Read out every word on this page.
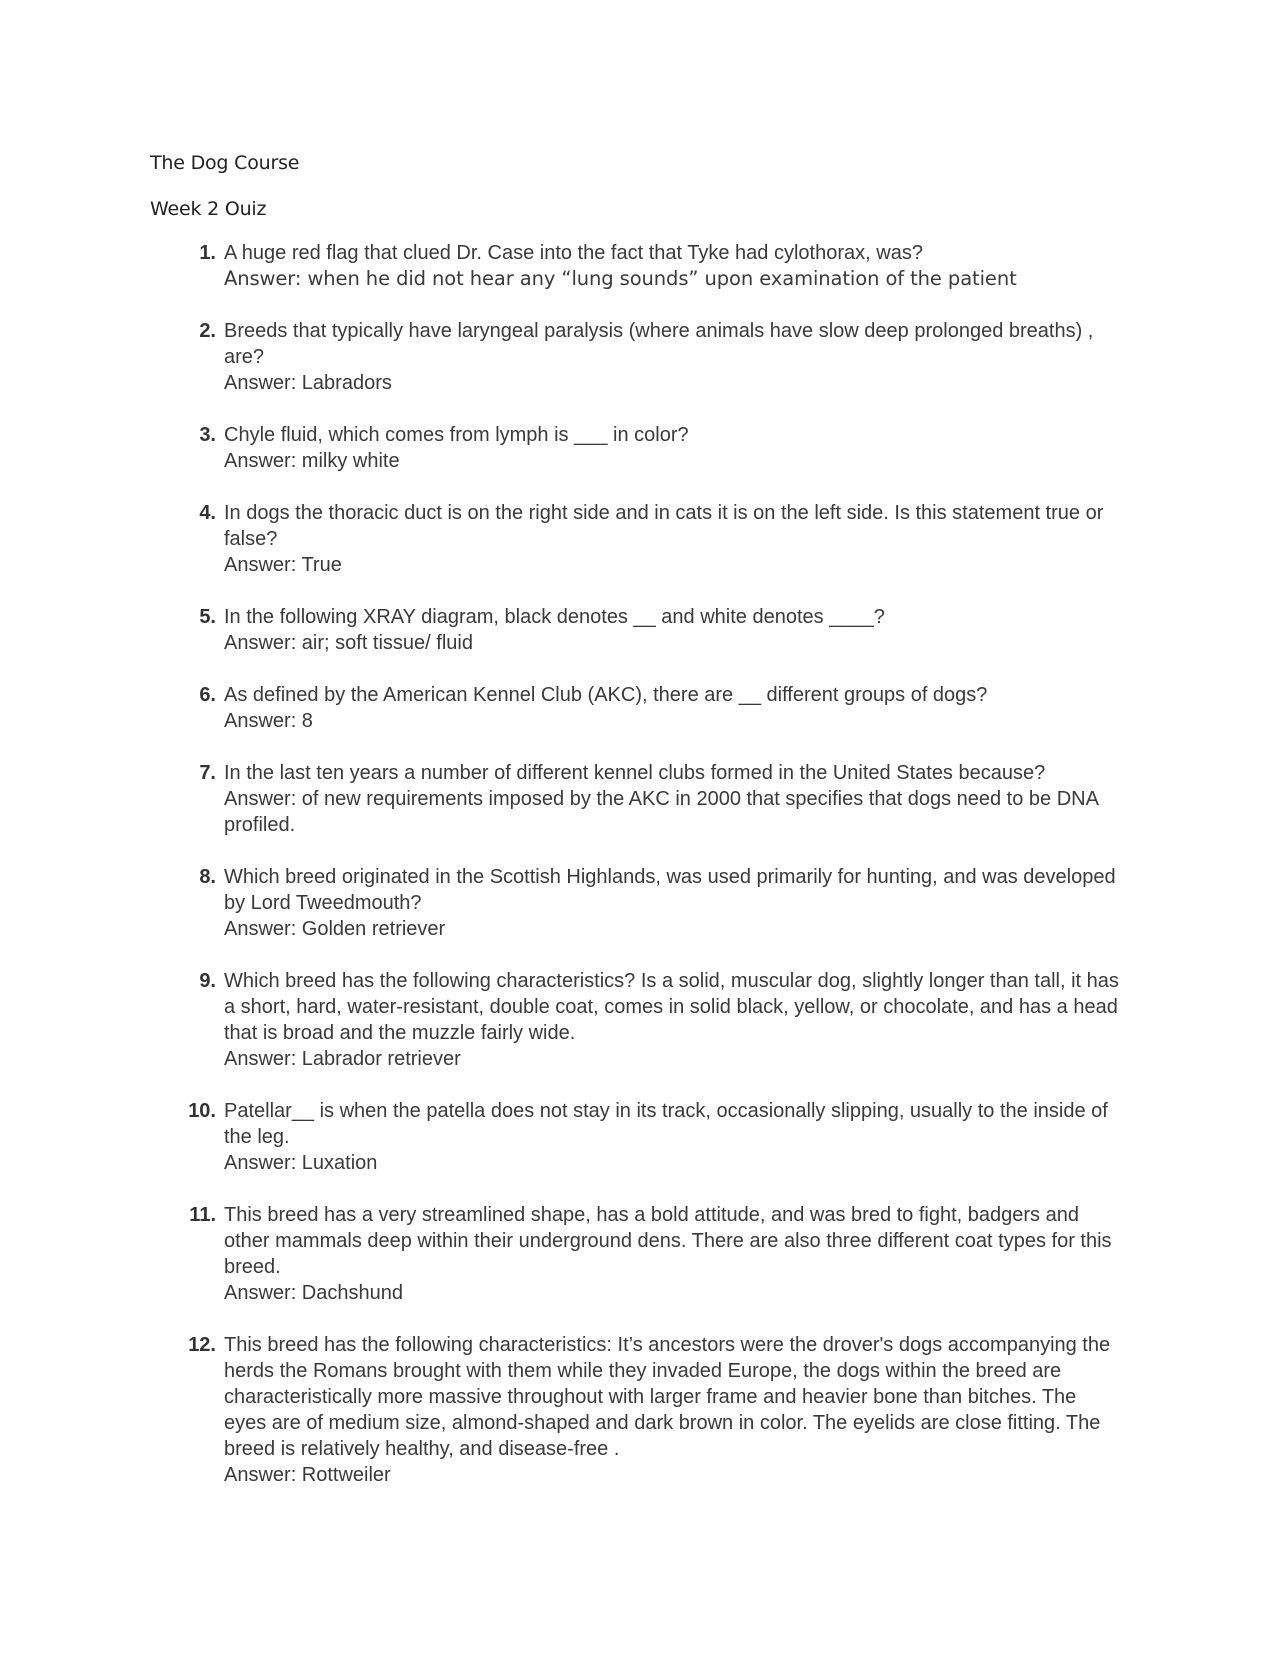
The Dog Course
Week 2 Ouiz
1. A huge red flag that clued Dr. Case into the fact that Tyke had cylothorax, was?
Answer: when he did not hear any “lung sounds” upon examination of the patient
2. Breeds that typically have laryngeal paralysis (where animals have slow deep prolonged breaths) , are?
Answer: Labradors
3. Chyle fluid, which comes from lymph is ___ in color?
Answer: milky white
4. In dogs the thoracic duct is on the right side and in cats it is on the left side. Is this statement true or false?
Answer: True
5. In the following XRAY diagram, black denotes __ and white denotes ____?
Answer: air; soft tissue/ fluid
6. As defined by the American Kennel Club (AKC), there are __ different groups of dogs?
Answer: 8
7. In the last ten years a number of different kennel clubs formed in the United States because?
Answer: of new requirements imposed by the AKC in 2000 that specifies that dogs need to be DNA profiled.
8. Which breed originated in the Scottish Highlands, was used primarily for hunting, and was developed by Lord Tweedmouth?
Answer: Golden retriever
9. Which breed has the following characteristics? Is a solid, muscular dog, slightly longer than tall, it has a short, hard, water-resistant, double coat, comes in solid black, yellow, or chocolate, and has a head that is broad and the muzzle fairly wide.
Answer: Labrador retriever
10. Patellar__ is when the patella does not stay in its track, occasionally slipping, usually to the inside of the leg.
Answer: Luxation
11. This breed has a very streamlined shape, has a bold attitude, and was bred to fight, badgers and other mammals deep within their underground dens. There are also three different coat types for this breed.
Answer: Dachshund
12. This breed has the following characteristics: It’s ancestors were the drover's dogs accompanying the herds the Romans brought with them while they invaded Europe, the dogs within the breed are characteristically more massive throughout with larger frame and heavier bone than bitches. The eyes are of medium size, almond-shaped and dark brown in color. The eyelids are close fitting. The breed is relatively healthy, and disease-free .
Answer: Rottweiler
